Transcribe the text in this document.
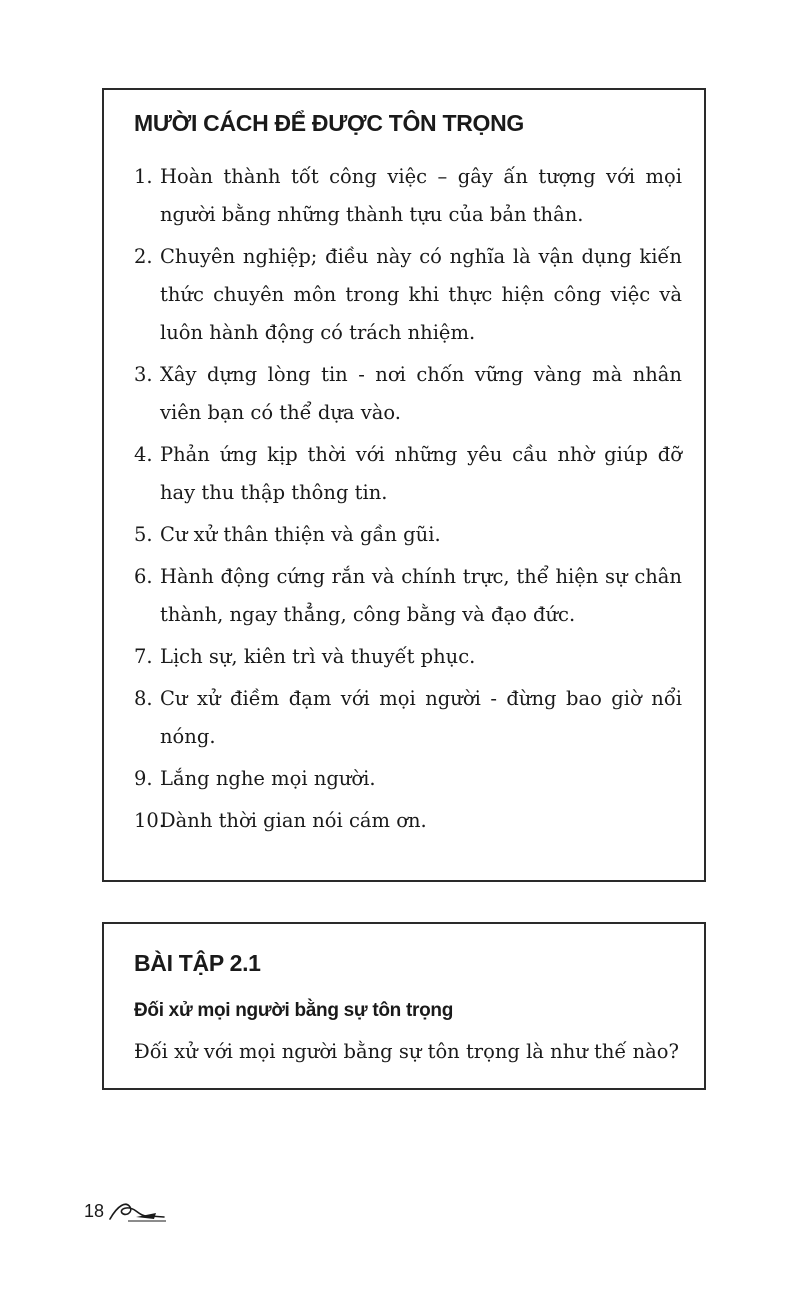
MƯỜI CÁCH ĐỂ ĐƯỢC TÔN TRỌNG
1. Hoàn thành tốt công việc – gây ấn tượng với mọi người bằng những thành tựu của bản thân.
2. Chuyên nghiệp; điều này có nghĩa là vận dụng kiến thức chuyên môn trong khi thực hiện công việc và luôn hành động có trách nhiệm.
3. Xây dựng lòng tin - nơi chốn vững vàng mà nhân viên bạn có thể dựa vào.
4. Phản ứng kịp thời với những yêu cầu nhờ giúp đỡ hay thu thập thông tin.
5. Cư xử thân thiện và gần gũi.
6. Hành động cứng rắn và chính trực, thể hiện sự chân thành, ngay thẳng, công bằng và đạo đức.
7. Lịch sự, kiên trì và thuyết phục.
8. Cư xử điềm đạm với mọi người - đừng bao giờ nổi nóng.
9. Lắng nghe mọi người.
10.
Dành thời gian nói cám ơn.
BÀI TẬP 2.1
Đối xử mọi người bằng sự tôn trọng
Đối xử với mọi người bằng sự tôn trọng là như thế nào?
18
